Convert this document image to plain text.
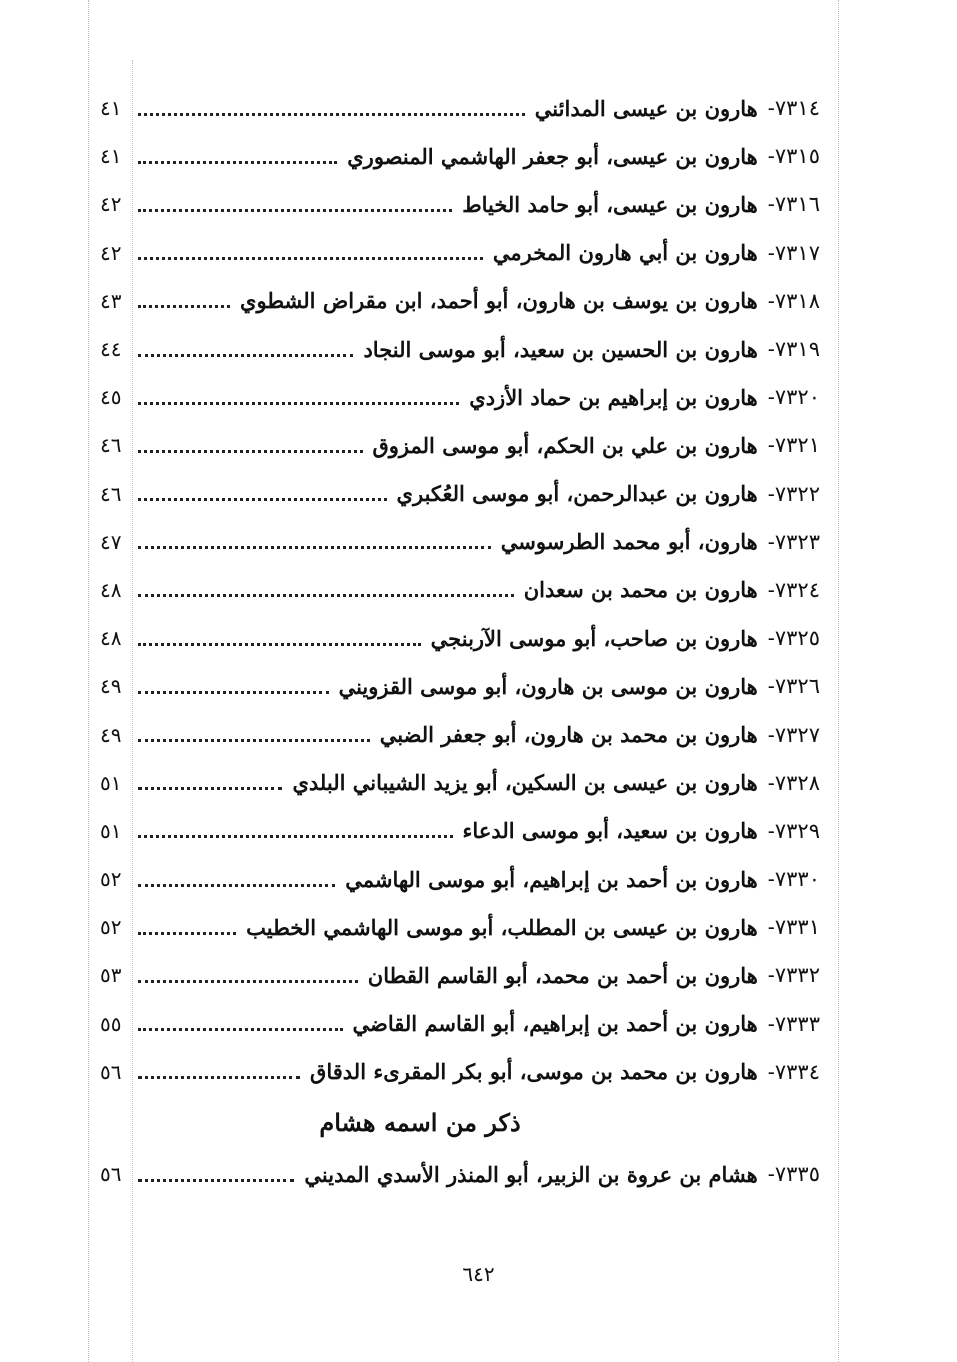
٧٣١٤-
هارون بن عيسى المدائني
٤١
٧٣١٥-
هارون بن عيسى، أبو جعفر الهاشمي المنصوري
٤١
٧٣١٦-
هارون بن عيسى، أبو حامد الخياط
٤٢
٧٣١٧-
هارون بن أبي هارون المخرمي
٤٢
٧٣١٨-
هارون بن يوسف بن هارون، أبو أحمد، ابن مقراض الشطوي
٤٣
٧٣١٩-
هارون بن الحسين بن سعيد، أبو موسى النجاد
٤٤
٧٣٢٠-
هارون بن إبراهيم بن حماد الأزدي
٤٥
٧٣٢١-
هارون بن علي بن الحكم، أبو موسى المزوق
٤٦
٧٣٢٢-
هارون بن عبدالرحمن، أبو موسى العُكبري
٤٦
٧٣٢٣-
هارون، أبو محمد الطرسوسي
٤٧
٧٣٢٤-
هارون بن محمد بن سعدان
٤٨
٧٣٢٥-
هارون بن صاحب، أبو موسى الآربنجي
٤٨
٧٣٢٦-
هارون بن موسى بن هارون، أبو موسى القزويني
٤٩
٧٣٢٧-
هارون بن محمد بن هارون، أبو جعفر الضبي
٤٩
٧٣٢٨-
هارون بن عيسى بن السكين، أبو يزيد الشيباني البلدي
٥١
٧٣٢٩-
هارون بن سعيد، أبو موسى الدعاء
٥١
٧٣٣٠-
هارون بن أحمد بن إبراهيم، أبو موسى الهاشمي
٥٢
٧٣٣١-
هارون بن عيسى بن المطلب، أبو موسى الهاشمي الخطيب
٥٢
٧٣٣٢-
هارون بن أحمد بن محمد، أبو القاسم القطان
٥٣
٧٣٣٣-
هارون بن أحمد بن إبراهيم، أبو القاسم القاضي
٥٥
٧٣٣٤-
هارون بن محمد بن موسى، أبو بكر المقرىء الدقاق
٥٦
ذكر من اسمه هشام
٧٣٣٥-
هشام بن عروة بن الزبير، أبو المنذر الأسدي المديني
٥٦
٦٤٢
